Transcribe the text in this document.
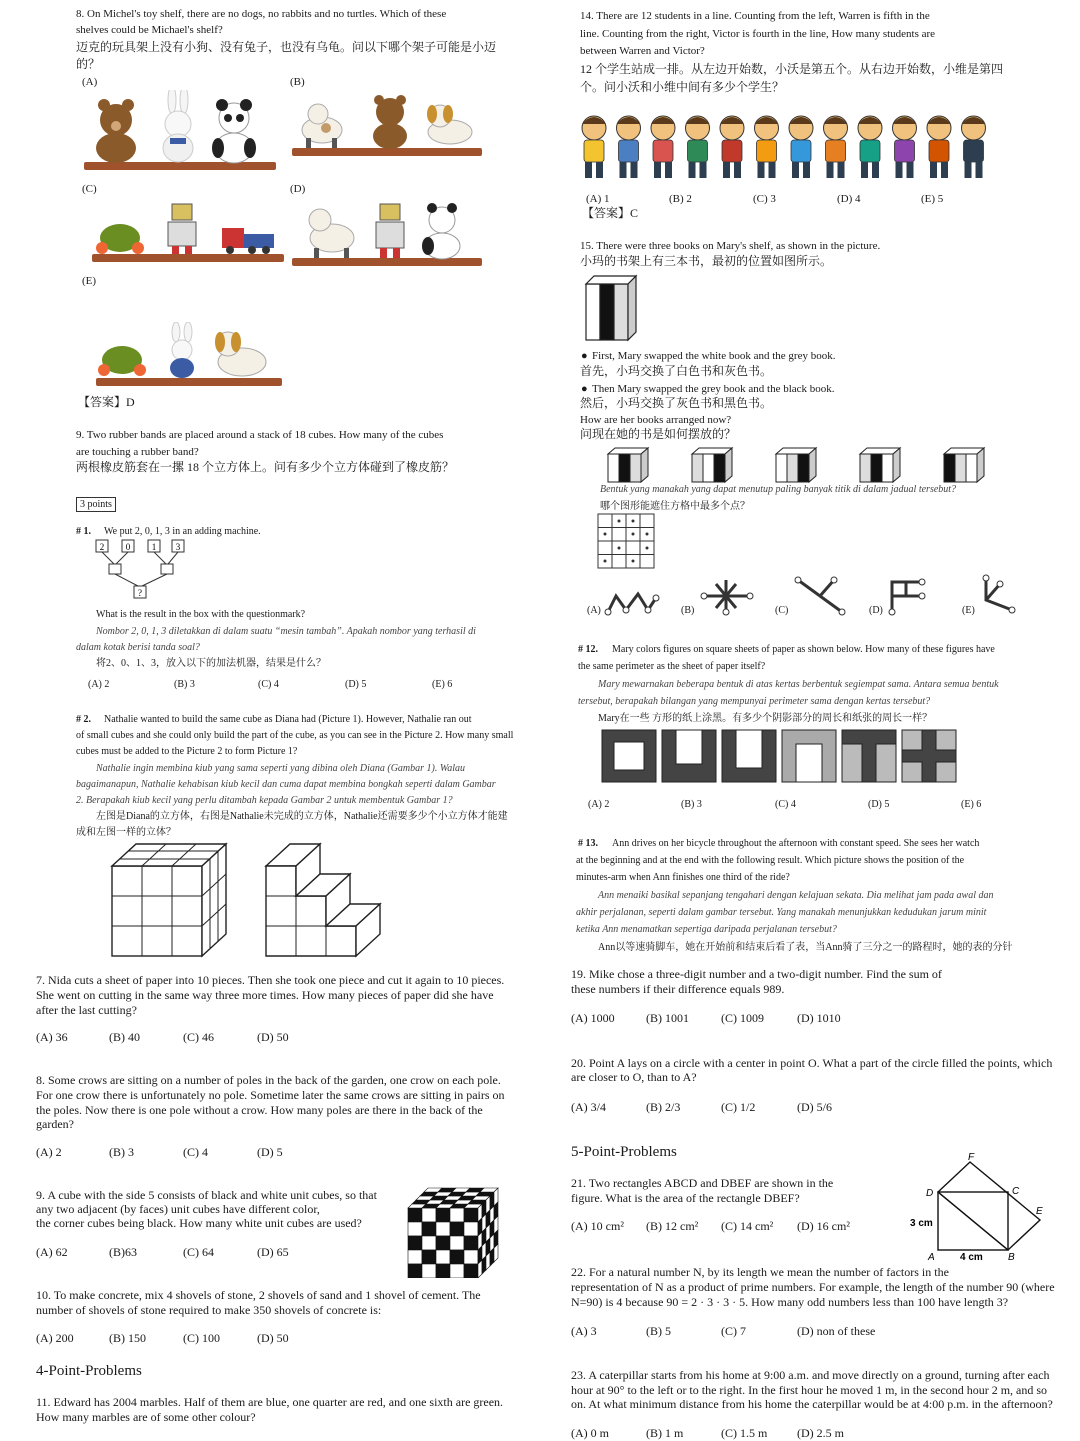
8. On Michel's toy shelf, there are no dogs, no rabbits and no turtles. Which of these
shelves could be Michael's shelf?
迈克的玩具架上没有小狗、没有兔子，也没有乌龟。问以下哪个架子可能是小迈
的？
(A)	(B)
(C)	(D)
(E)
【答案】D
9. Two rubber bands are placed around a stack of 18 cubes. How many of the cubes
are touching a rubber band?
两根橡皮筋套在一摞 18 个立方体上。问有多少个立方体碰到了橡皮筋？
3 points
# 1. We put 2, 0, 1, 3 in an adding machine.
2 0 1 3
?
What is the result in the box with the questionmark?
Nombor 2, 0, 1, 3 diletakkan di dalam suatu “mesin tambah”. Apakah nombor yang terhasil di
dalam kotak berisi tanda soal?
将2、0、1、3，放入以下的加法机器，结果是什么？
(A) 2	(B) 3	(C) 4	(D) 5	(E) 6
# 2. Nathalie wanted to build the same cube as Diana had (Picture 1). However, Nathalie ran out
of small cubes and she could only build the part of the cube, as you can see in the Picture 2. How many small
cubes must be added to the Picture 2 to form Picture 1?
Nathalie ingin membina kiub yang sama seperti yang dibina oleh Diana (Gambar 1). Walau
bagaimanapun, Nathalie kehabisan kiub kecil dan cuma dapat membina bongkah seperti dalam Gambar
2. Berapakah kiub kecil yang perlu ditambah kepada Gambar 2 untuk membentuk Gambar 1?
左图是Diana的立方体，右图是Nathalie未完成的立方体，Nathalie还需要多少个小立方体才能建
成和左图一样的立体？
7. Nida cuts a sheet of paper into 10 pieces. Then she took one piece and cut it again to 10 pieces.
She went on cutting in the same way three more times. How many pieces of paper did she have
after the last cutting?
(A) 36	(B) 40	(C) 46	(D) 50
8. Some crows are sitting on a number of poles in the back of the garden, one crow on each pole.
For one crow there is unfortunately no pole. Sometime later the same crows are sitting in pairs on
the poles. Now there is one pole without a crow. How many poles are there in the back of the
garden?
(A) 2	(B) 3	(C) 4	(D) 5
9. A cube with the side 5 consists of black and white unit cubes, so that
any two adjacent (by faces) unit cubes have different color,
the corner cubes being black. How many white unit cubes are used?
(A) 62	(B)63	(C) 64	(D) 65
10. To make concrete, mix 4 shovels of stone, 2 shovels of sand and 1 shovel of cement. The
number of shovels of stone required to make 350 shovels of concrete is:
(A) 200	(B) 150	(C) 100	(D) 50
4-Point-Problems
11. Edward has 2004 marbles. Half of them are blue, one quarter are red, and one sixth are green.
How many marbles are of some other colour?
14. There are 12 students in a line. Counting from the left, Warren is fifth in the
line. Counting from the right, Victor is fourth in the line, How many students are
between Warren and Victor?
12 个学生站成一排。从左边开始数，小沃是第五个。从右边开始数，小维是第四
个。问小沃和小维中间有多少个学生？
(A) 1	(B) 2	(C) 3	(D) 4	(E) 5
【答案】C
15. There were three books on Mary's shelf, as shown in the picture.
小玛的书架上有三本书，最初的位置如图所示。
● First, Mary swapped the white book and the grey book.
首先，小玛交换了白色书和灰色书。
● Then Mary swapped the grey book and the black book.
然后，小玛交换了灰色书和黑色书。
How are her books arranged now?
问现在她的书是如何摆放的？
Bentuk yang manakah yang dapat menutup paling banyak titik di dalam jadual tersebut?
哪个图形能遮住方格中最多个点？
(A)	(B)	(C)	(D)	(E)
# 12. Mary colors figures on square sheets of paper as shown below. How many of these figures have
the same perimeter as the sheet of paper itself?
Mary mewarnakan beberapa bentuk di atas kertas berbentuk segiempat sama. Antara semua bentuk
tersebut, berapakah bilangan yang mempunyai perimeter sama dengan kertas tersebut?
Mary在一些 方形的纸上涂黑。有多少个阴影部分的周长和纸张的周长一样？
(A) 2	(B) 3	(C) 4	(D) 5	(E) 6
# 13. Ann drives on her bicycle throughout the afternoon with constant speed. She sees her watch
at the beginning and at the end with the following result. Which picture shows the position of the
minutes-arm when Ann finishes one third of the ride?
Ann menaiki basikal sepanjang tengahari dengan kelajuan sekata. Dia melihat jam pada awal dan
akhir perjalanan, seperti dalam gambar tersebut. Yang manakah menunjukkan kedudukan jarum minit
ketika Ann menamatkan sepertiga daripada perjalanan tersebut?
Ann以等速骑脚车，她在开始前和结束后看了表，当Ann骑了三分之一的路程时，她的表的分针
19. Mike chose a three-digit number and a two-digit number. Find the sum of
these numbers if their difference equals 989.
(A) 1000	(B) 1001	(C) 1009	(D) 1010
20. Point A lays on a circle with a center in point O. What a part of the circle filled the points, which
are closer to O, than to A?
(A) 3/4	(B) 2/3	(C) 1/2	(D) 5/6
5-Point-Problems
21. Two rectangles ABCD and DBEF are shown in the
figure. What is the area of the rectangle DBEF?
(A) 10 cm² (B) 12 cm² (C) 14 cm² (D) 16 cm²
F
D	C
E
A	B
3 cm
4 cm
22. For a natural number N, by its length we mean the number of factors in the
representation of N as a product of prime numbers. For example, the length of the number 90 (where
N=90) is 4 because 90 = 2 · 3 · 3 · 5. How many odd numbers less than 100 have length 3?
(A) 3	(B) 5	(C) 7	(D) non of these
23. A caterpillar starts from his home at 9:00 a.m. and move directly on a ground, turning after each
hour at 90° to the left or to the right. In the first hour he moved 1 m, in the second hour 2 m, and so
on. At what minimum distance from his home the caterpillar would be at 4:00 p.m. in the afternoon?
(A) 0 m	(B) 1 m	(C) 1.5 m (D) 2.5 m
